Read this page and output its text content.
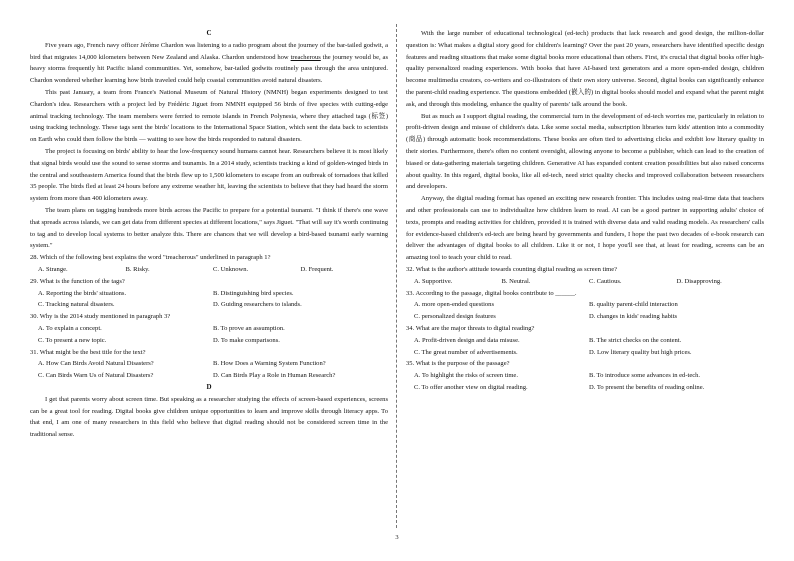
C

Five years ago, French navy officer Jérôme Chardon was listening to a radio program about the journey of the bar-tailed godwit, a bird that migrates 14,000 kilometers between New Zealand and Alaska. Chardon understood how treacherous the journey would be, as heavy storms frequently hit Pacific island communities. Yet, somehow, bar-tailed godwits routinely pass through the area uninjured. Chardon wondered whether learning how birds traveled could help coastal communities avoid natural disasters.

This past January, a team from France's National Museum of Natural History (NMNH) began experiments designed to test Chardon's idea. Researchers with a project led by Frédéric Jiguet from NMNH equipped 56 birds of five species with cutting-edge animal tracking technology. The team members were ferried to remote islands in French Polynesia, where they attached tags (标签) using tracking technology. These tags sent the birds' locations to the International Space Station, which sent the data back to scientists on Earth who could then follow the birds — waiting to see how the birds responded to natural disasters.

The project is focusing on birds' ability to hear the low-frequency sound humans cannot hear. Researchers believe it is most likely that signal birds would use the sound to sense storms and tsunamis. In a 2014 study, scientists tracking a kind of golden-winged birds in the central and southeastern America found that the birds flew up to 1,500 kilometers to escape from an outbreak of tornadoes that killed 35 people. The birds fled at least 24 hours before any extreme weather hit, leaving the scientists to believe that they had heard the storm system from more than 400 kilometers away.

The team plans on tagging hundreds more birds across the Pacific to prepare for a potential tsunami. "I think if there's one wave that spreads across islands, we can get data from different species at different locations," says Jiguet. "That will say it's worth continuing to tag and to develop local systems to better analyze this. There are chances that we will develop a bird-based tsunami early warning system."

28. Which of the following best explains the word "treacherous" underlined in paragraph 1?
A. Strange.	B. Risky.	C. Unknown.	D. Frequent.
29. What is the function of the tags?
A. Reporting the birds' situations.	B. Distinguishing bird species.
C. Tracking natural disasters.	D. Guiding researchers to islands.
30. Why is the 2014 study mentioned in paragraph 3?
A. To explain a concept.	B. To prove an assumption.
C. To present a new topic.	D. To make comparisons.
31. What might be the best title for the text?
A. How Can Birds Avoid Natural Disasters?	B. How Does a Warning System Function?
C. Can Birds Warn Us of Natural Disasters?	D. Can Birds Play a Role in Human Research?
D

I get that parents worry about screen time. But speaking as a researcher studying the effects of screen-based experiences, screens can be a great tool for reading. Digital books give children unique opportunities to learn and improve skills through literacy apps. To that end, I am one of many researchers in this field who believe that digital reading should not be considered screen time in the traditional sense.

With the large number of educational technological (ed-tech) products that lack research and good design, the million-dollar question is: What makes a digital story good for children's learning? Over the past 20 years, researchers have identified specific design features and reading situations that make some digital books more educational than others. First, it's crucial that digital books offer high-quality personalized reading experiences. With books that have AI-based text generators and a more open-ended design, children become multimedia creators, co-writers and co-illustrators of their own story universe. Second, digital books can significantly enhance the parent-child reading experience. The questions embedded (嵌入的) in digital books should model and expand what the parent might ask, and through this modeling, enhance the quality of parents' talk around the book.

But as much as I support digital reading, the commercial turn in the development of ed-tech worries me, particularly in relation to profit-driven design and misuse of children's data. Like some social media, subscription libraries turn kids' attention into a commodity (商品) through automatic book recommendations. These books are often tied to advertising clicks and exhibit low literary quality in their stories. Furthermore, there's often no content oversight, allowing anyone to become a publisher, which can lead to the creation of biased or data-gathering materials targeting children. Generative AI has expanded content creation possibilities but also raised concerns about quality. In this regard, digital books, like all ed-tech, need strict quality checks and improved collaboration between researchers and developers.

Anyway, the digital reading format has opened an exciting new research frontier. This includes using real-time data that teachers and other professionals can use to individualize how children learn to read. AI can be a good partner in supporting adults' choice of texts, prompts and reading activities for children, provided it is trained with diverse data and valid reading models. As researchers' calls for evidence-based children's ed-tech are being heard by governments and funders, I hope the past two decades of e-book research can deliver the advantages of digital books to all children. Like it or not, I hope you'll see that, at least for reading, screens can be an amazing tool to teach your child to read.

32. What is the author's attitude towards counting digital reading as screen time?
A. Supportive.	B. Neutral.	C. Cautious.	D. Disapproving.
33. According to the passage, digital books contribute to ______.
A. more open-ended questions	B. quality parent-child interaction
C. personalized design features	D. changes in kids' reading habits
34. What are the major threats to digital reading?
A. Profit-driven design and data misuse.	B. The strict checks on the content.
C. The great number of advertisements.	D. Low literary quality but high prices.
35. What is the purpose of the passage?
A. To highlight the risks of screen time.	B. To introduce some advances in ed-tech.
C. To offer another view on digital reading.	D. To present the benefits of reading online.
3
